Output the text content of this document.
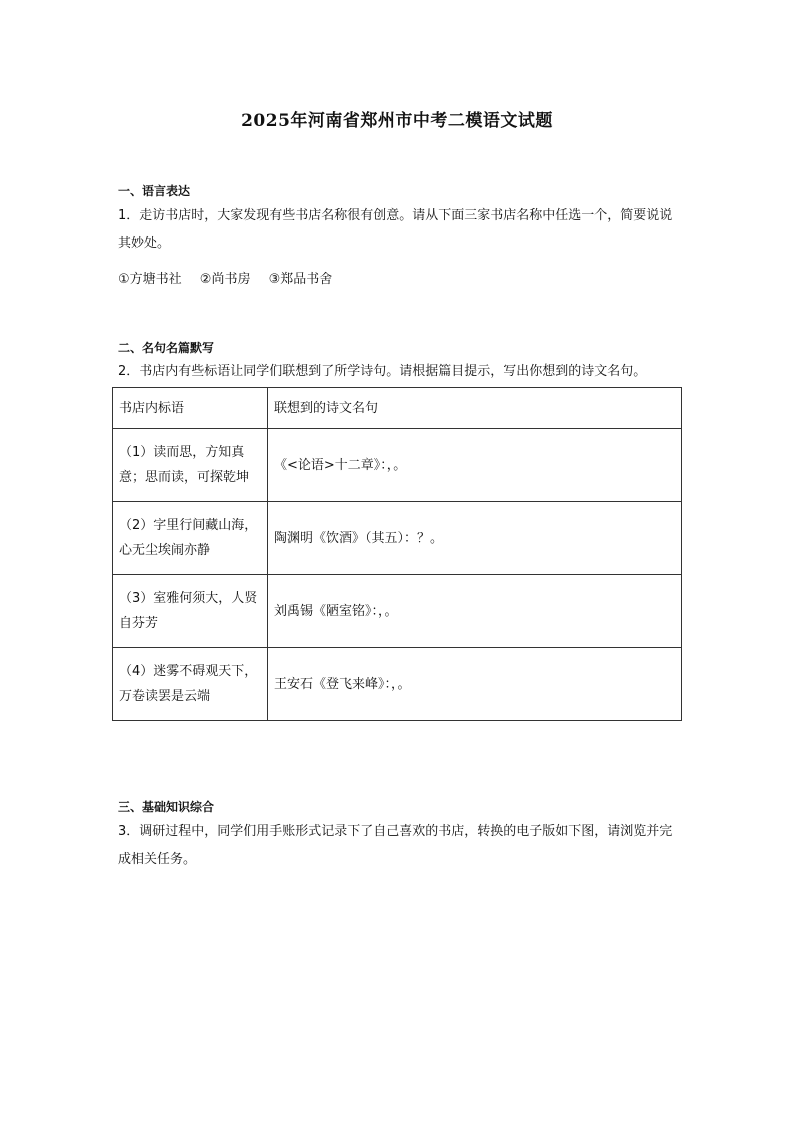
2025年河南省郑州市中考二模语文试题
一、语言表达
1．走访书店时，大家发现有些书店名称很有创意。请从下面三家书店名称中任选一个，简要说说其妙处。
①方塘书社 ②尚书房 ③郑品书舍
二、名句名篇默写
2．书店内有些标语让同学们联想到了所学诗句。请根据篇目提示，写出你想到的诗文名句。
书店内标语	联想到的诗文名句
（1）读而思，方知真意；思而读，可探乾坤	《<论语>十二章》：，。
（2）字里行间藏山海，心无尘埃闹亦静	陶渊明《饮酒》（其五）：？。
（3）室雅何须大，人贤自芬芳	刘禹锡《陋室铭》：，。
（4）迷雾不碍观天下，万卷读罢是云端	王安石《登飞来峰》：，。
三、基础知识综合
3．调研过程中，同学们用手账形式记录下了自己喜欢的书店，转换的电子版如下图，请浏览并完成相关任务。
